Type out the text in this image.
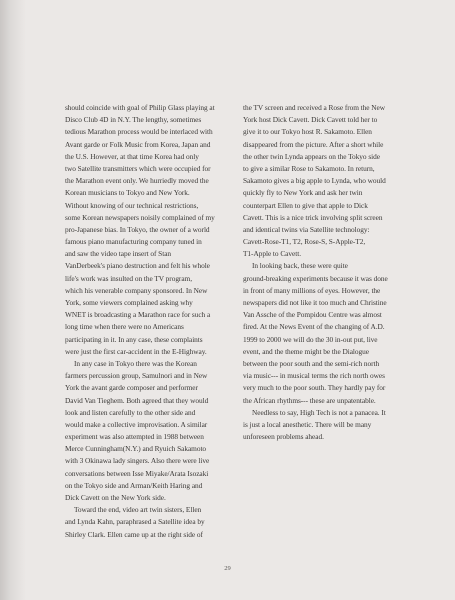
should coincide with goal of Philip Glass playing at
Disco Club 4D in N.Y. The lengthy, sometimes
tedious Marathon process would be interlaced with
Avant garde or Folk Music from Korea, Japan and
the U.S. However, at that time Korea had only
two Satellite transmitters which were occupied for
the Marathon event only. We hurriedly moved the
Korean musicians to Tokyo and New York.
Without knowing of our technical restrictions,
some Korean newspapers noisily complained of my
pro-Japanese bias. In Tokyo, the owner of a world
famous piano manufacturing company tuned in
and saw the video tape insert of Stan
VanDerbeek's piano destruction and felt his whole
life's work was insulted on the TV program,
which his venerable company sponsored. In New
York, some viewers complained asking why
WNET is broadcasting a Marathon race for such a
long time when there were no Americans
participating in it. In any case, these complaints
were just the first car-accident in the E-Highway.
In any case in Tokyo there was the Korean
farmers percussion group, Samulnori and in New
York the avant garde composer and performer
David Van Tieghem. Both agreed that they would
look and listen carefully to the other side and
would make a collective improvisation. A similar
experiment was also attempted in 1988 between
Merce Cunningham(N.Y.) and Ryuich Sakamoto
with 3 Okinawa lady singers. Also there were live
conversations between Isse Miyake/Arata Isozaki
on the Tokyo side and Arman/Keith Haring and
Dick Cavett on the New York side.
Toward the end, video art twin sisters, Ellen
and Lynda Kahn, paraphrased a Satellite idea by
Shirley Clark. Ellen came up at the right side of
the TV screen and received a Rose from the New
York host Dick Cavett. Dick Cavett told her to
give it to our Tokyo host R. Sakamoto. Ellen
disappeared from the picture. After a short while
the other twin Lynda appears on the Tokyo side
to give a similar Rose to Sakamoto. In return,
Sakamoto gives a big apple to Lynda, who would
quickly fly to New York and ask her twin
counterpart Ellen to give that apple to Dick
Cavett. This is a nice trick involving split screen
and identical twins via Satellite technology:
Cavett-Rose-T1, T2, Rose-S, S-Apple-T2,
T1-Apple to Cavett.
In looking back, these were quite
ground-breaking experiments because it was done
in front of many millions of eyes. However, the
newspapers did not like it too much and Christine
Van Assche of the Pompidou Centre was almost
fired. At the News Event of the changing of A.D.
1999 to 2000 we will do the 30 in-out put, live
event, and the theme might be the Dialogue
between the poor south and the semi-rich north
via music--- in musical terms the rich north owes
very much to the poor south. They hardly pay for
the African rhythms--- these are unpatentable.
Needless to say, High Tech is not a panacea. It
is just a local anesthetic. There will be many
unforeseen problems ahead.
29
